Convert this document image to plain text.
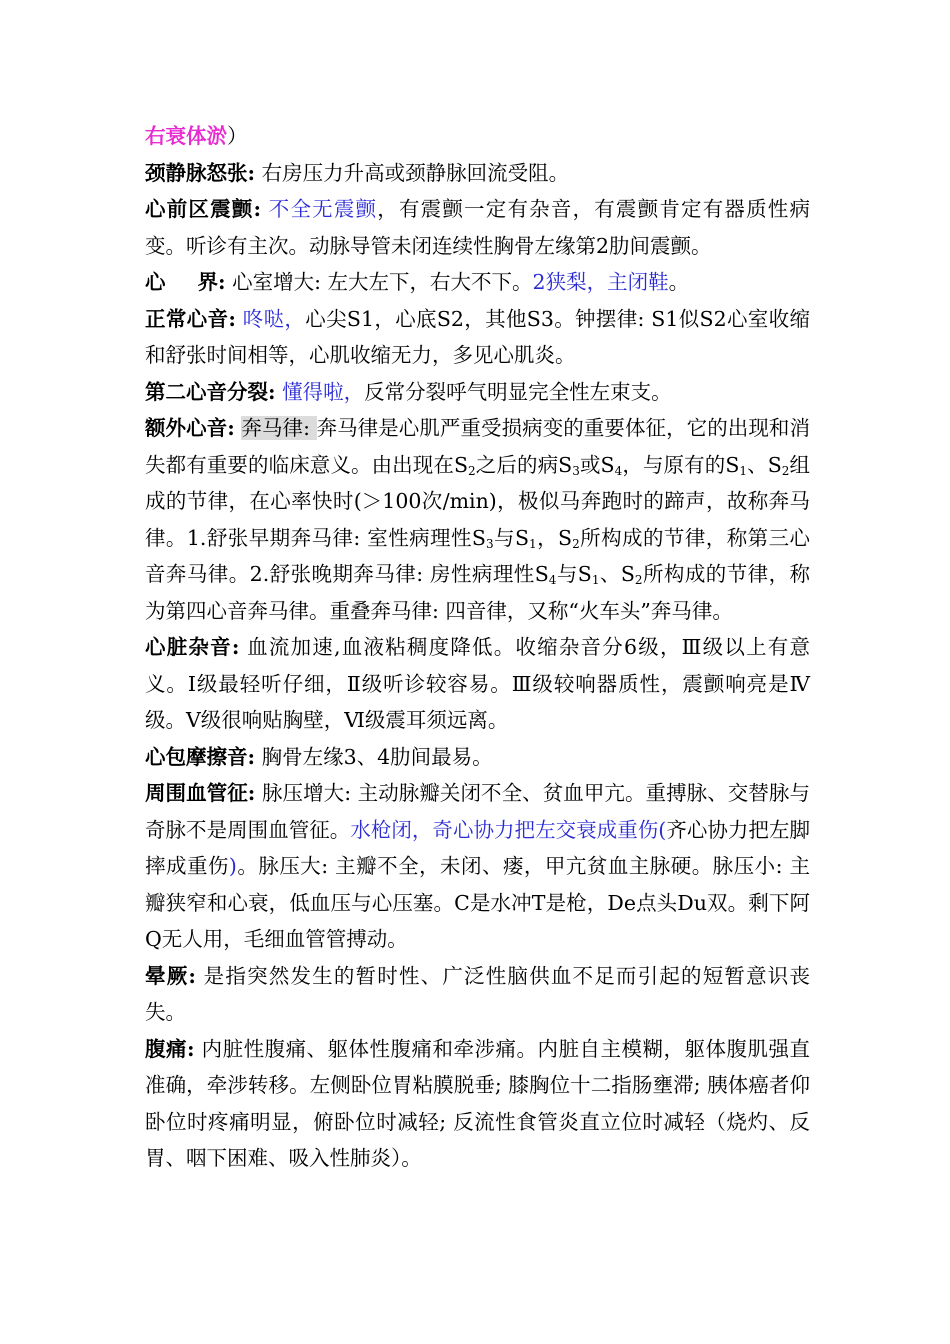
右衰体淤）

颈静脉怒张: 右房压力升高或颈静脉回流受阻。

心前区震颤: 不全无震颤，有震颤一定有杂音，有震颤肯定有器质性病变。听诊有主次。动脉导管未闭连续性胸骨左缘第2肋间震颤。

心 界: 心室增大: 左大左下，右大不下。2狭梨，主闭鞋。

正常心音: 咚哒，心尖S1，心底S2，其他S3。钟摆律: S1似S2心室收缩和舒张时间相等，心肌收缩无力，多见心肌炎。

第二心音分裂: 懂得啦，反常分裂呼气明显完全性左束支。

额外心音: 奔马律: 奔马律是心肌严重受损病变的重要体征，它的出现和消失都有重要的临床意义。由出现在$S_2$之后的病$S_3$或$S_4$，与原有的$S_1$、$S_2$组成的节律，在心率快时(＞100次/min)，极似马奔跑时的蹄声，故称奔马律。1.舒张早期奔马律: 室性病理性$S_3$与$S_1$，$S_2$所构成的节律，称第三心音奔马律。2.舒张晚期奔马律: 房性病理性$S_4$与$S_1$、$S_2$所构成的节律，称为第四心音奔马律。重叠奔马律: 四音律，又称“火车头”奔马律。

心脏杂音: 血流加速,血液粘稠度降低。收缩杂音分6级，Ⅲ级以上有意义。Ⅰ级最轻听仔细，Ⅱ级听诊较容易。Ⅲ级较响器质性，震颤响亮是Ⅳ级。Ⅴ级很响贴胸壁，Ⅵ级震耳须远离。

心包摩擦音: 胸骨左缘3、4肋间最易。

周围血管征: 脉压增大: 主动脉瓣关闭不全、贫血甲亢。重搏脉、交替脉与奇脉不是周围血管征。水枪闭，奇心协力把左交衰成重伤(齐心协力把左脚摔成重伤)。脉压大: 主瓣不全，未闭、瘘，甲亢贫血主脉硬。脉压小: 主瓣狭窄和心衰，低血压与心压塞。C是水冲T是枪，De点头Du双。剩下阿Q无人用，毛细血管管搏动。

晕厥: 是指突然发生的暂时性、广泛性脑供血不足而引起的短暂意识丧失。

腹痛: 内脏性腹痛、躯体性腹痛和牵涉痛。内脏自主模糊，躯体腹肌强直准确，牵涉转移。左侧卧位胃粘膜脱垂; 膝胸位十二指肠壅滞; 胰体癌者仰卧位时疼痛明显，俯卧位时减轻; 反流性食管炎直立位时减轻（烧灼、反胃、咽下困难、吸入性肺炎）。
